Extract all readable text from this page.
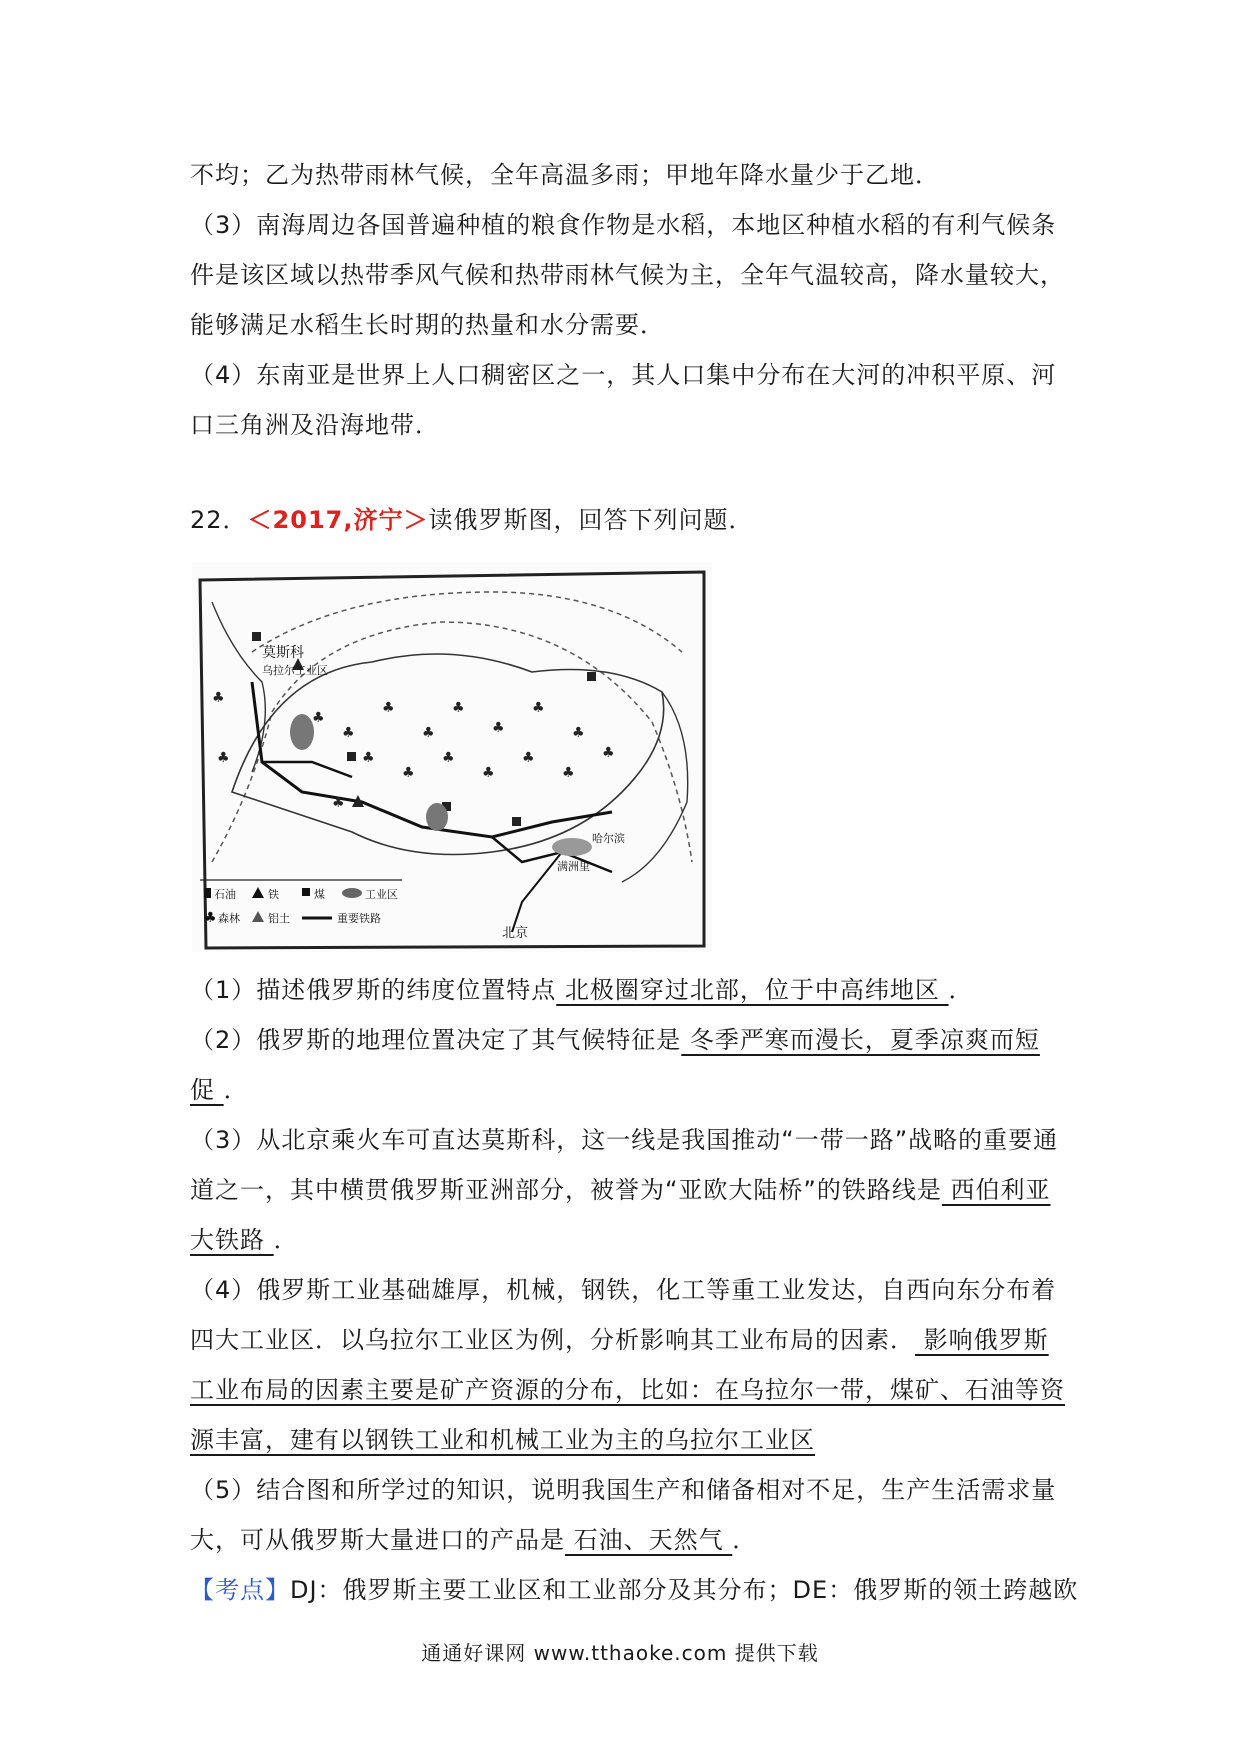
不均；乙为热带雨林气候，全年高温多雨；甲地年降水量少于乙地．
（3）南海周边各国普遍种植的粮食作物是水稻，本地区种植水稻的有利气候条
件是该区域以热带季风气候和热带雨林气候为主，全年气温较高，降水量较大，
能够满足水稻生长时期的热量和水分需要．
（4）东南亚是世界上人口稠密区之一，其人口集中分布在大河的冲积平原、河
口三角洲及沿海地带．
22．＜2017,济宁＞读俄罗斯图，回答下列问题．
♣
♣
♣
♣
♣
♣
♣
♣
♣
♣
♣
♣
♣
♣
♣
♣
♣
♣
莫斯科
乌拉尔工业区
北京
哈尔滨
满洲里
石油	铁	煤	工业区
♣ 森林	铝土	重要铁路
（1）描述俄罗斯的纬度位置特点 北极圈穿过北部，位于中高纬地区 ．
（2）俄罗斯的地理位置决定了其气候特征是 冬季严寒而漫长，夏季凉爽而短
促 ．
（3）从北京乘火车可直达莫斯科，这一线是我国推动“一带一路”战略的重要通
道之一，其中横贯俄罗斯亚洲部分，被誉为“亚欧大陆桥”的铁路线是 西伯利亚
大铁路 ．
（4）俄罗斯工业基础雄厚，机械，钢铁，化工等重工业发达，自西向东分布着
四大工业区．以乌拉尔工业区为例，分析影响其工业布局的因素． 影响俄罗斯
工业布局的因素主要是矿产资源的分布，比如：在乌拉尔一带，煤矿、石油等资
源丰富，建有以钢铁工业和机械工业为主的乌拉尔工业区
（5）结合图和所学过的知识，说明我国生产和储备相对不足，生产生活需求量
大，可从俄罗斯大量进口的产品是 石油、天然气 ．
【考点】DJ：俄罗斯主要工业区和工业部分及其分布；DE：俄罗斯的领土跨越欧
通通好课网 www.tthaoke.com 提供下载
